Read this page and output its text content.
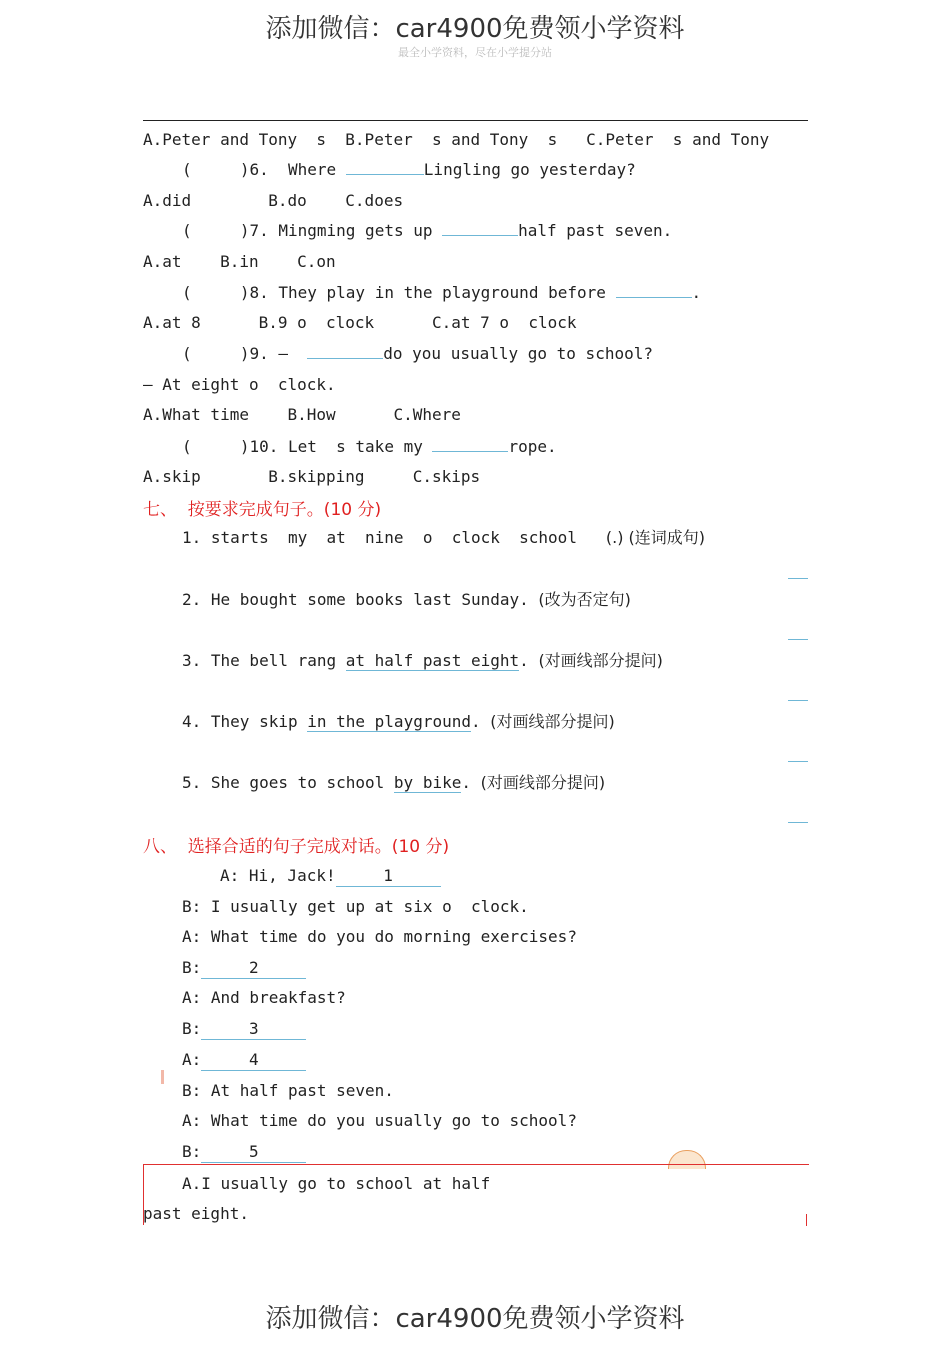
添加微信：car4900免费领小学资料
最全小学资料，尽在小学提分站
A.Peter and Tony  s  B.Peter  s and Tony  s   C.Peter  s and Tony
(	)6. Where	Lingling go yesterday?
A.did        B.do    C.does
(	)7. Mingming gets up	half past seven.
A.at    B.in    C.on
(	)8. They play in the playground before	.
A.at 8      B.9 o  clock      C.at 7 o  clock
(	)9. —	do you usually go to school?
— At eight o  clock.
A.What time    B.How      C.Where
(	)10. Let  s take my	rope.
A.skip       B.skipping     C.skips
七、  按要求完成句子。(10 分)
1. starts  my  at  nine  o  clock  school (.) (连词成句)
2. He bought some books last Sunday. (改为否定句)
3. The bell rang at half past eight. (对画线部分提问)
4. They skip in the playground. (对画线部分提问)
5. She goes to school by bike. (对画线部分提问)
八、  选择合适的句子完成对话。(10 分)
A: Hi, Jack!	1
B: I usually get up at six o  clock.
A: What time do you do morning exercises?
B:	2
A: And breakfast?
B:	3
A:	4
B: At half past seven.
A: What time do you usually go to school?
B:	5
A.I usually go to school at half
past eight.
添加微信：car4900免费领小学资料
